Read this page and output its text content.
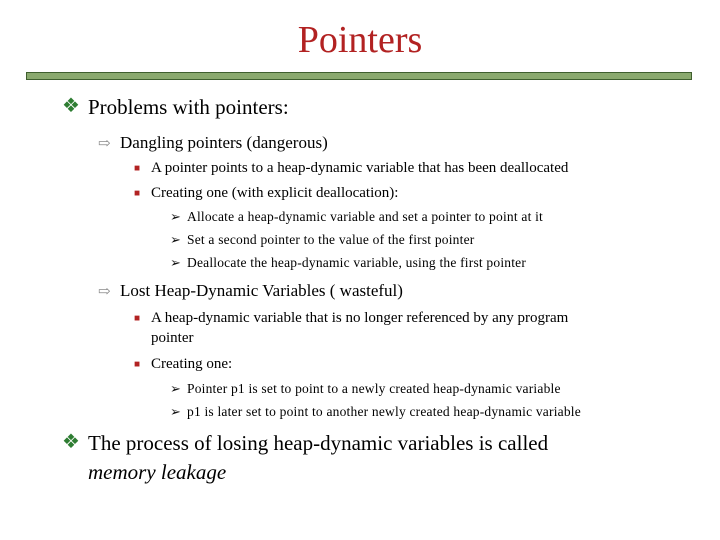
Pointers
❖ Problems with pointers:
⇨ Dangling pointers (dangerous)
■ A pointer points to a heap-dynamic variable that has been deallocated
■ Creating one (with explicit deallocation):
➢ Allocate a heap-dynamic variable and set a pointer to point at it
➢ Set a second pointer to the value of the first pointer
➢ Deallocate the heap-dynamic variable, using the first pointer
⇨ Lost Heap-Dynamic Variables ( wasteful)
■ A heap-dynamic variable that is no longer referenced by any program
pointer
■ Creating one:
➢ Pointer p1 is set to point to a newly created heap-dynamic variable
➢ p1 is later set to point to another newly created heap-dynamic variable
❖ The process of losing heap-dynamic variables is called
memory leakage
